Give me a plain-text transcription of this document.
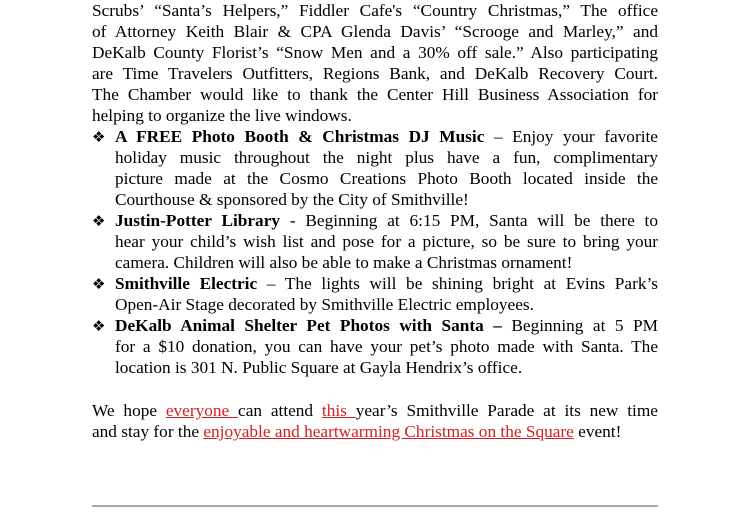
Scrubs’ “Santa’s Helpers,” Fiddler Cafe's “Country Christmas,” The office
of Attorney Keith Blair & CPA Glenda Davis’ “Scrooge and Marley,” and
DeKalb County Florist’s “Snow Men and a 30% off sale.” Also participating
are Time Travelers Outfitters, Regions Bank, and DeKalb Recovery Court.
The Chamber would like to thank the Center Hill Business Association for
helping to organize the live windows.
❖ A FREE Photo Booth & Christmas DJ Music – Enjoy your favorite
holiday music throughout the night plus have a fun, complimentary
picture made at the Cosmo Creations Photo Booth located inside the
Courthouse & sponsored by the City of Smithville!
❖ Justin-Potter Library - Beginning at 6:15 PM, Santa will be there to
hear your child’s wish list and pose for a picture, so be sure to bring your
camera. Children will also be able to make a Christmas ornament!
❖ Smithville Electric – The lights will be shining bright at Evins Park’s
Open-Air Stage decorated by Smithville Electric employees.
❖ DeKalb Animal Shelter Pet Photos with Santa – Beginning at 5 PM
for a $10 donation, you can have your pet’s photo made with Santa. The
location is 301 N. Public Square at Gayla Hendrix’s office.
We hope everyone can attend this year’s Smithville Parade at its new time
and stay for the enjoyable and heartwarming Christmas on the Square event!
